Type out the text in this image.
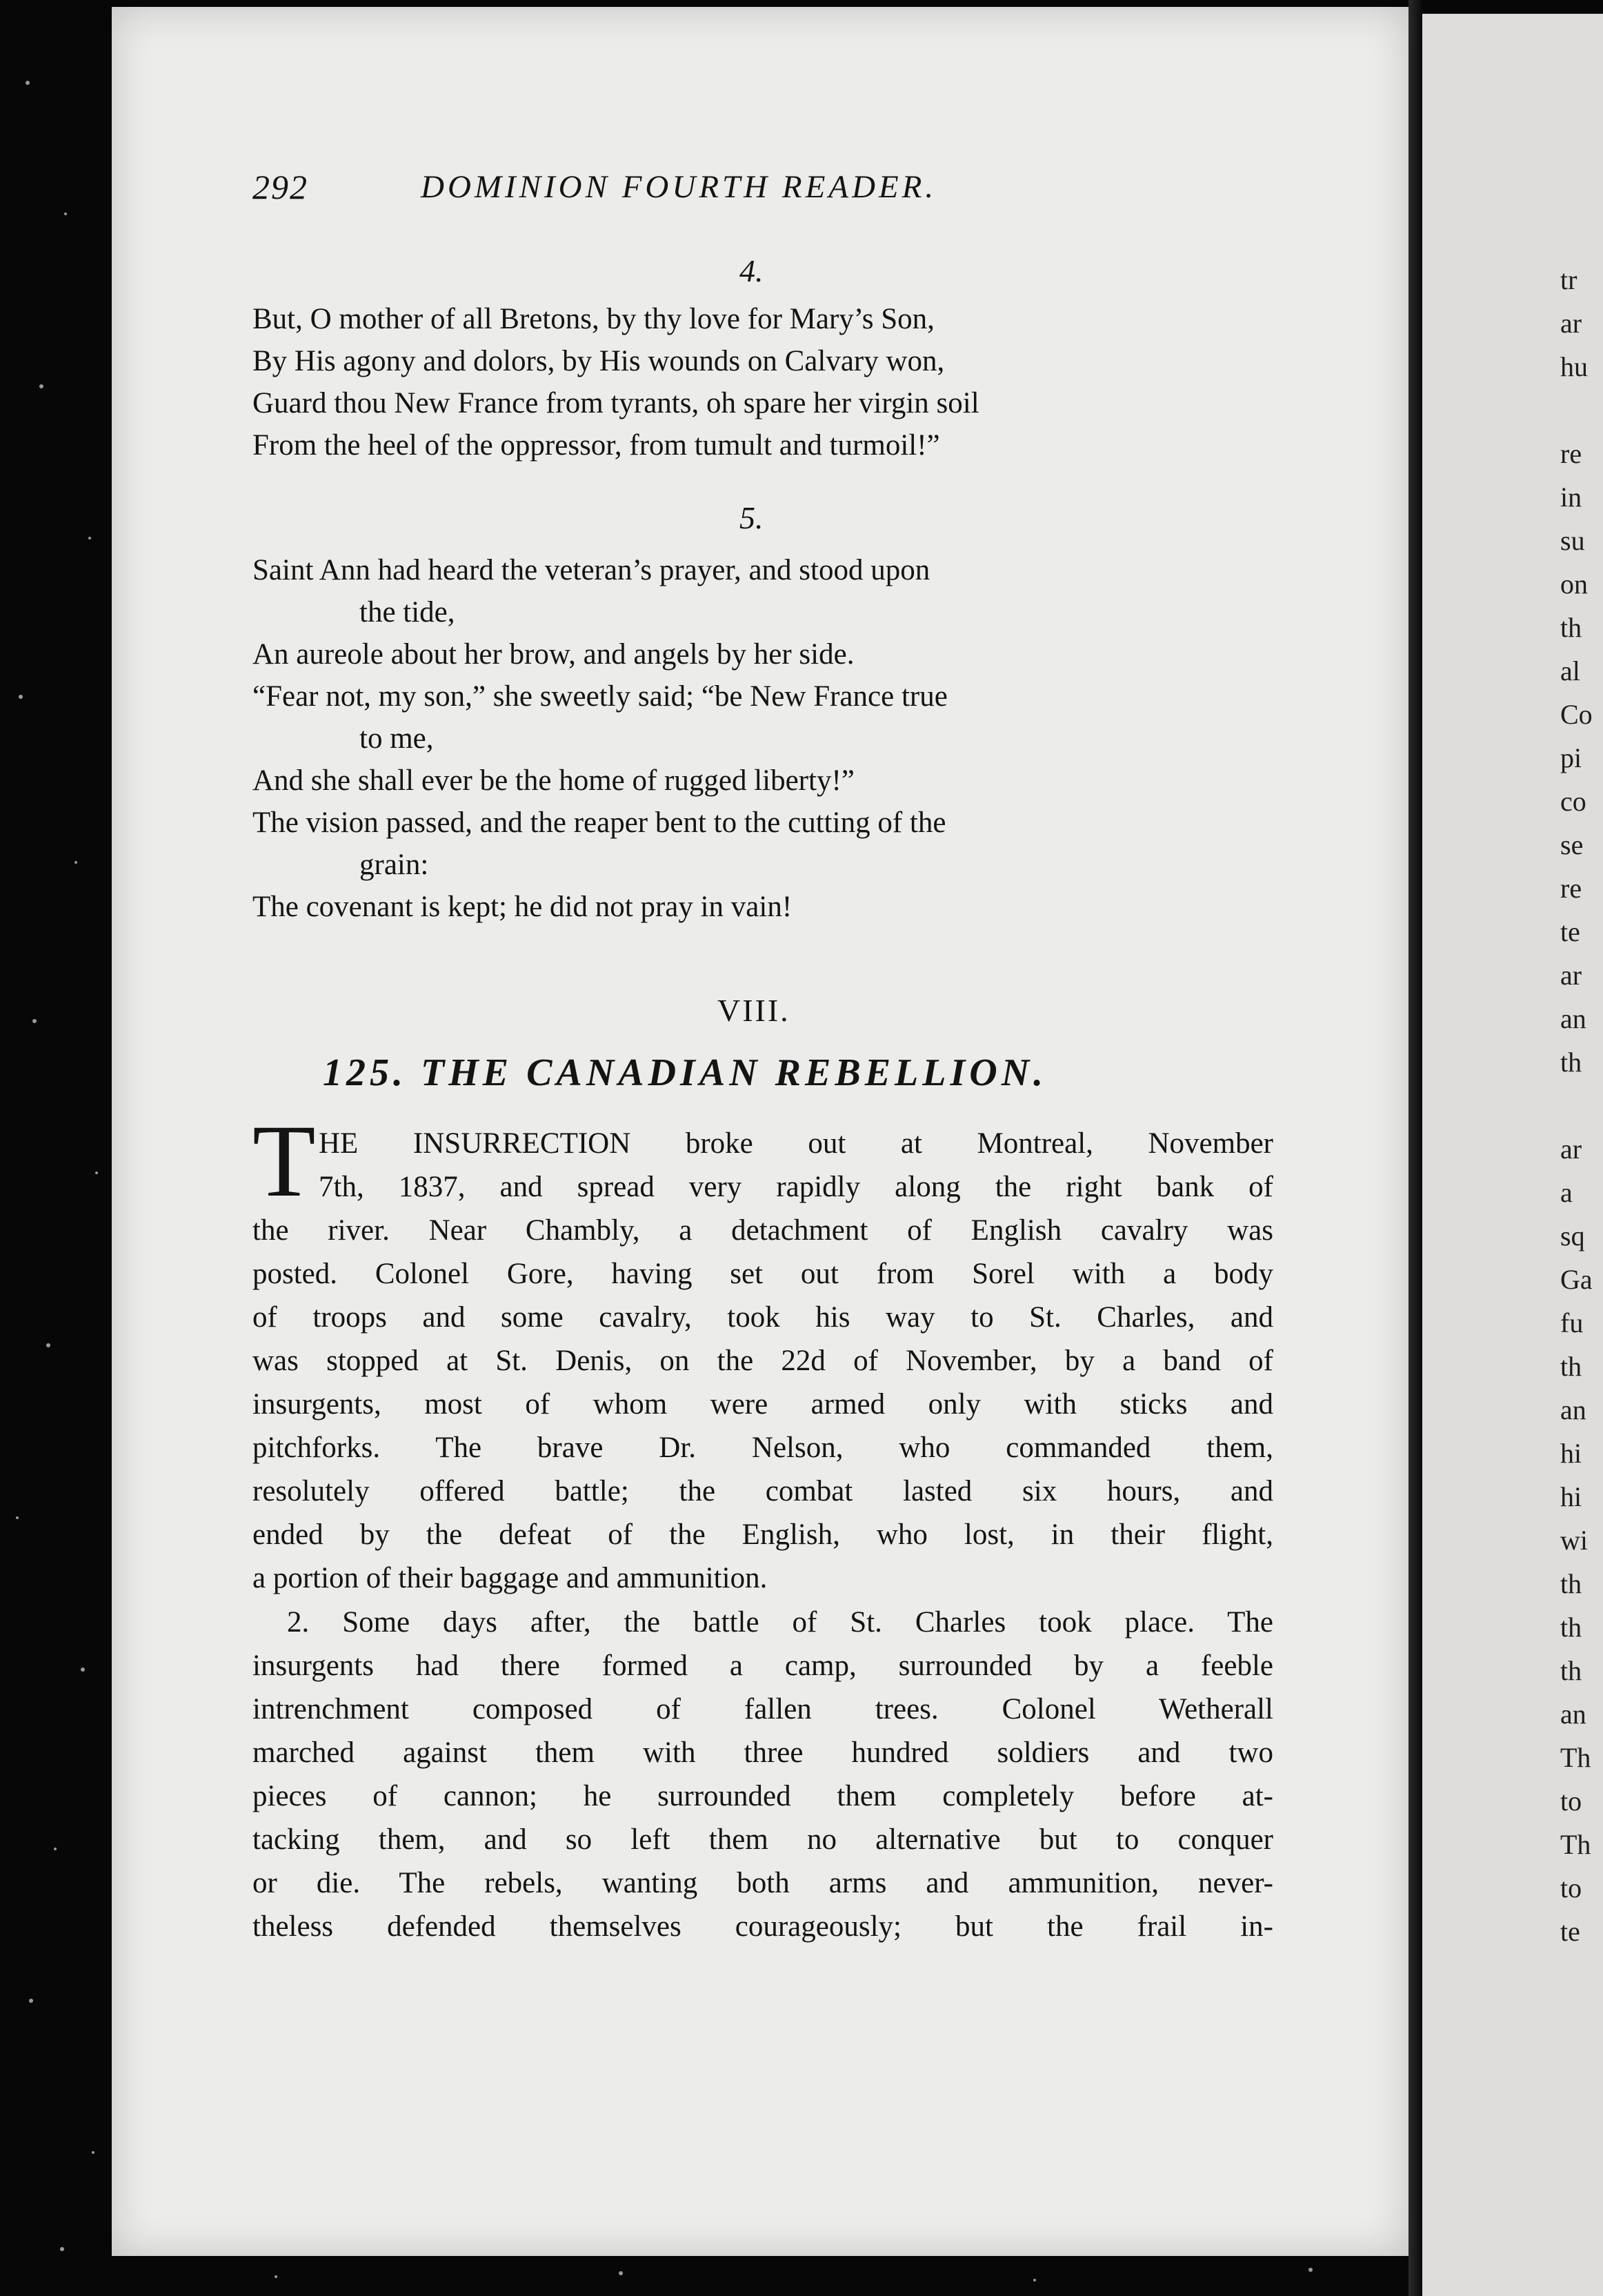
292	DOMINION FOURTH READER.
4.
But, O mother of all Bretons, by thy love for Mary’s Son,
By His agony and dolors, by His wounds on Calvary won,
Guard thou New France from tyrants, oh spare her virgin soil
From the heel of the oppressor, from tumult and turmoil!”
5.
Saint Ann had heard the veteran’s prayer, and stood upon
the tide,
An aureole about her brow, and angels by her side.
“Fear not, my son,” she sweetly said; “be New France true
to me,
And she shall ever be the home of rugged liberty!”
The vision passed, and the reaper bent to the cutting of the
grain:
The covenant is kept; he did not pray in vain!
VIII.
125. THE CANADIAN REBELLION.
T HE INSURRECTION broke out at Montreal, November
7th, 1837, and spread very rapidly along the right bank of
the river. Near Chambly, a detachment of English cavalry was
posted. Colonel Gore, having set out from Sorel with a body
of troops and some cavalry, took his way to St. Charles, and
was stopped at St. Denis, on the 22d of November, by a band of
insurgents, most of whom were armed only with sticks and
pitchforks. The brave Dr. Nelson, who commanded them,
resolutely offered battle; the combat lasted six hours, and
ended by the defeat of the English, who lost, in their flight,
a portion of their baggage and ammunition.
2. Some days after, the battle of St. Charles took place. The
insurgents had there formed a camp, surrounded by a feeble
intrenchment composed of fallen trees. Colonel Wetherall
marched against them with three hundred soldiers and two
pieces of cannon; he surrounded them completely before at-
tacking them, and so left them no alternative but to conquer
or die. The rebels, wanting both arms and ammunition, never-
theless defended themselves courageously; but the frail in-
tr
ar
hu
re
in
su
on
th
al
Co
pi
co
se
re
te
ar
an
th
ar
a
sq
Ga
fu
th
an
hi
hi
wi
th
th
th
an
Th
to
Th
to
te
